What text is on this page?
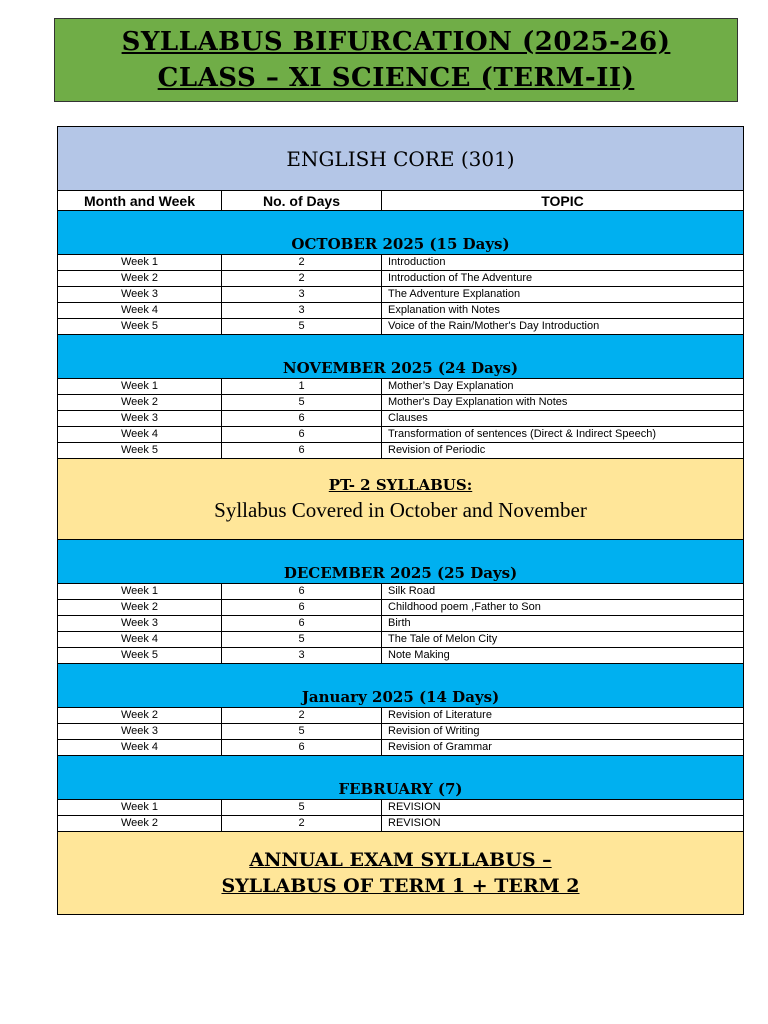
SYLLABUS BIFURCATION (2025-26)
CLASS – XI SCIENCE (TERM-II)
ENGLISH CORE (301)		
Month and Week	No. of Days	TOPIC
OCTOBER 2025 (15 Days)		
Week 1	2	Introduction
Week 2	2	Introduction of The Adventure
Week 3	3	The Adventure Explanation
Week 4	3	Explanation with Notes
Week 5	5	Voice of the Rain/Mother's Day Introduction
NOVEMBER 2025 (24 Days)		
Week 1	1	Mother’s Day Explanation
Week 2	5	Mother's Day Explanation with Notes
Week 3	6	Clauses
Week 4	6	Transformation of sentences (Direct & Indirect Speech)
Week 5	6	Revision of Periodic

PT- 2 SYLLABUS:
Syllabus Covered in October and November		

DECEMBER 2025 (25 Days)		
Week 1	6	Silk Road
Week 2	6	Childhood poem ,Father to Son
Week 3	6	Birth
Week 4	5	The Tale of Melon City
Week 5	3	Note Making
January 2025 (14 Days)		
Week 2	2	Revision of Literature
Week 3	5	Revision of Writing
Week 4	6	Revision of Grammar
FEBRUARY (7)		
Week 1	5	REVISION
Week 2	2	REVISION

ANNUAL EXAM SYLLABUS –
SYLLABUS OF TERM 1 + TERM 2		
